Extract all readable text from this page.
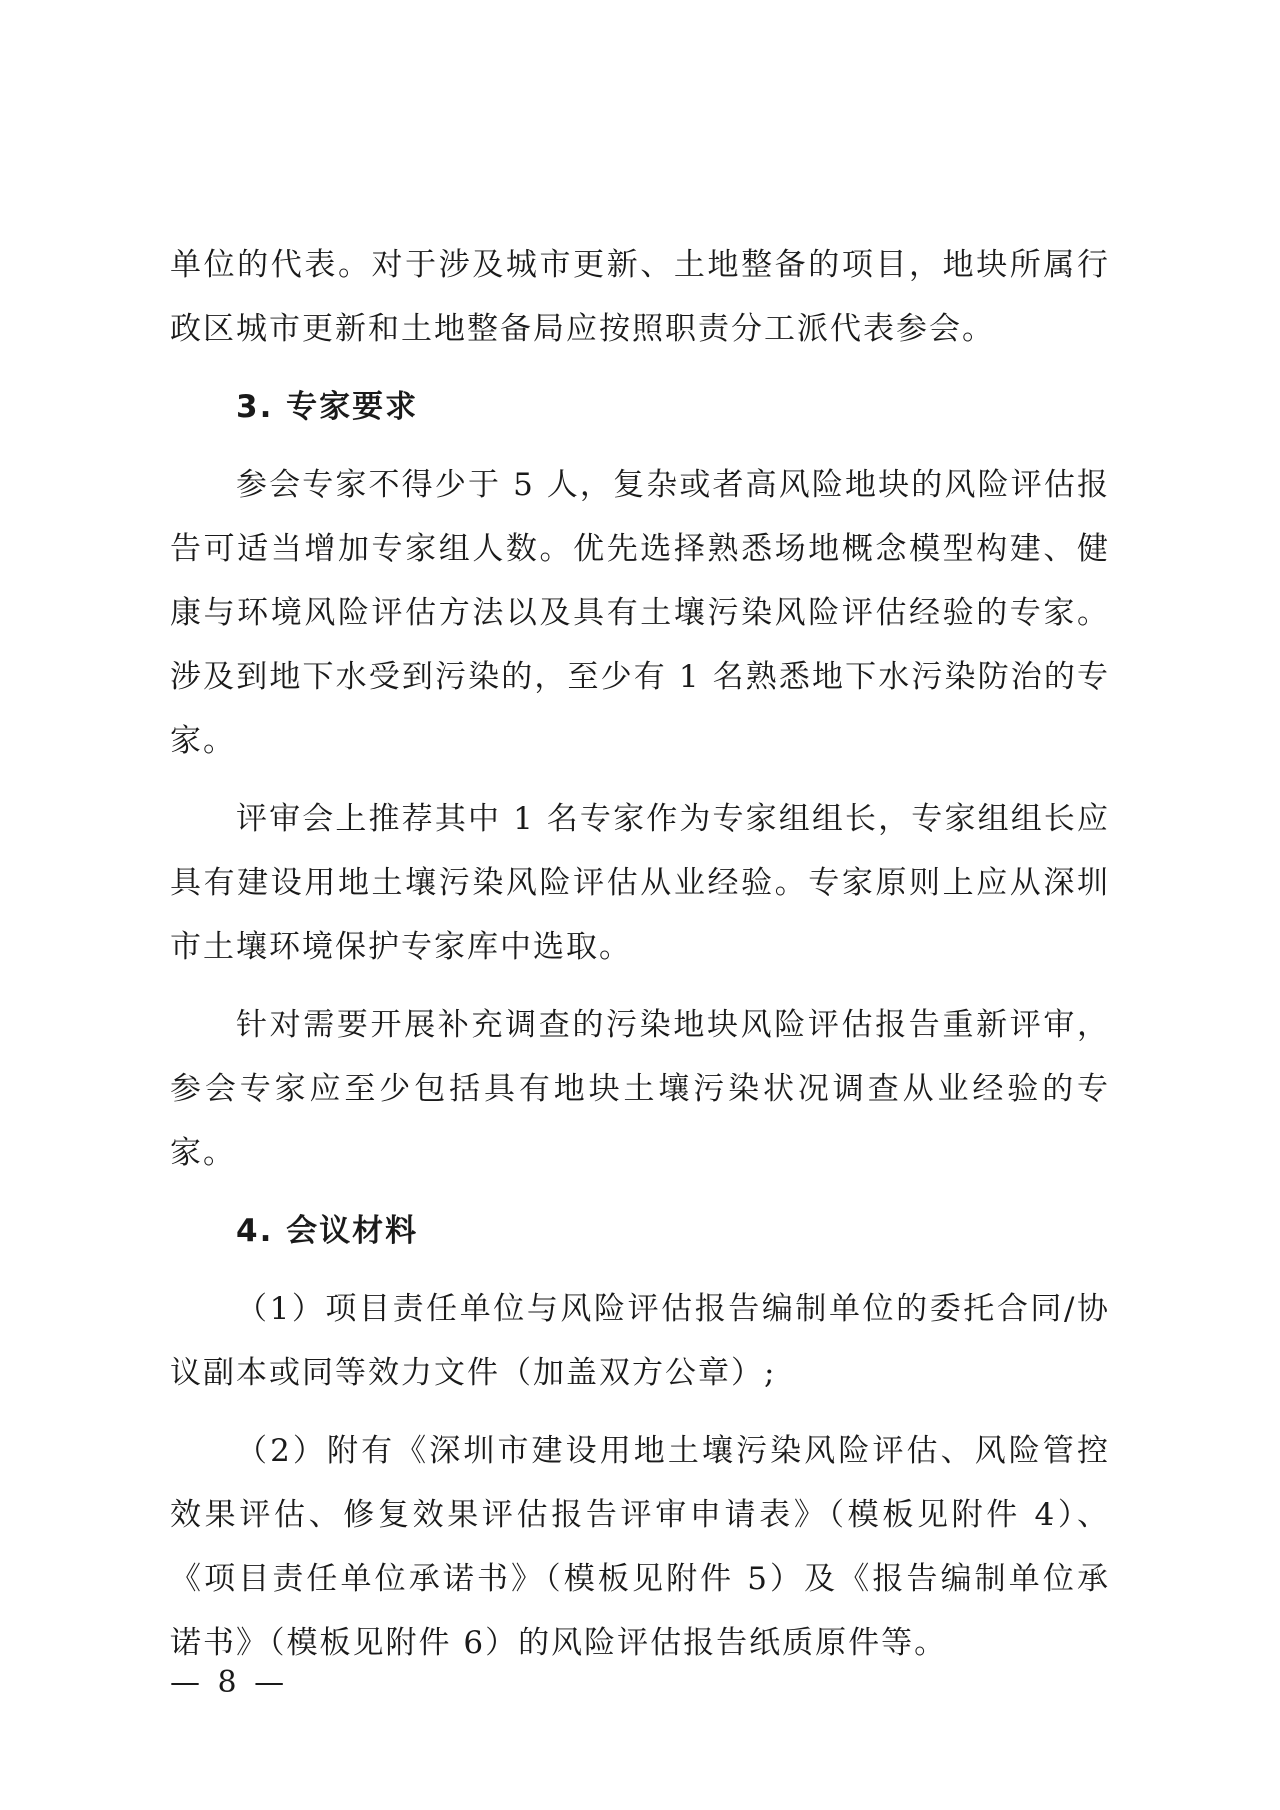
单位的代表。对于涉及城市更新、土地整备的项目，地块所属行政区城市更新和土地整备局应按照职责分工派代表参会。

3. 专家要求

参会专家不得少于 5 人，复杂或者高风险地块的风险评估报告可适当增加专家组人数。优先选择熟悉场地概念模型构建、健康与环境风险评估方法以及具有土壤污染风险评估经验的专家。涉及到地下水受到污染的，至少有 1 名熟悉地下水污染防治的专家。

评审会上推荐其中 1 名专家作为专家组组长，专家组组长应具有建设用地土壤污染风险评估从业经验。专家原则上应从深圳市土壤环境保护专家库中选取。

针对需要开展补充调查的污染地块风险评估报告重新评审，参会专家应至少包括具有地块土壤污染状况调查从业经验的专家。

4. 会议材料

（1）项目责任单位与风险评估报告编制单位的委托合同/协议副本或同等效力文件（加盖双方公章）;

（2）附有《深圳市建设用地土壤污染风险评估、风险管控效果评估、修复效果评估报告评审申请表》（模板见附件 4）、《项目责任单位承诺书》（模板见附件 5）及《报告编制单位承诺书》（模板见附件 6）的风险评估报告纸质原件等。

— 8 —
